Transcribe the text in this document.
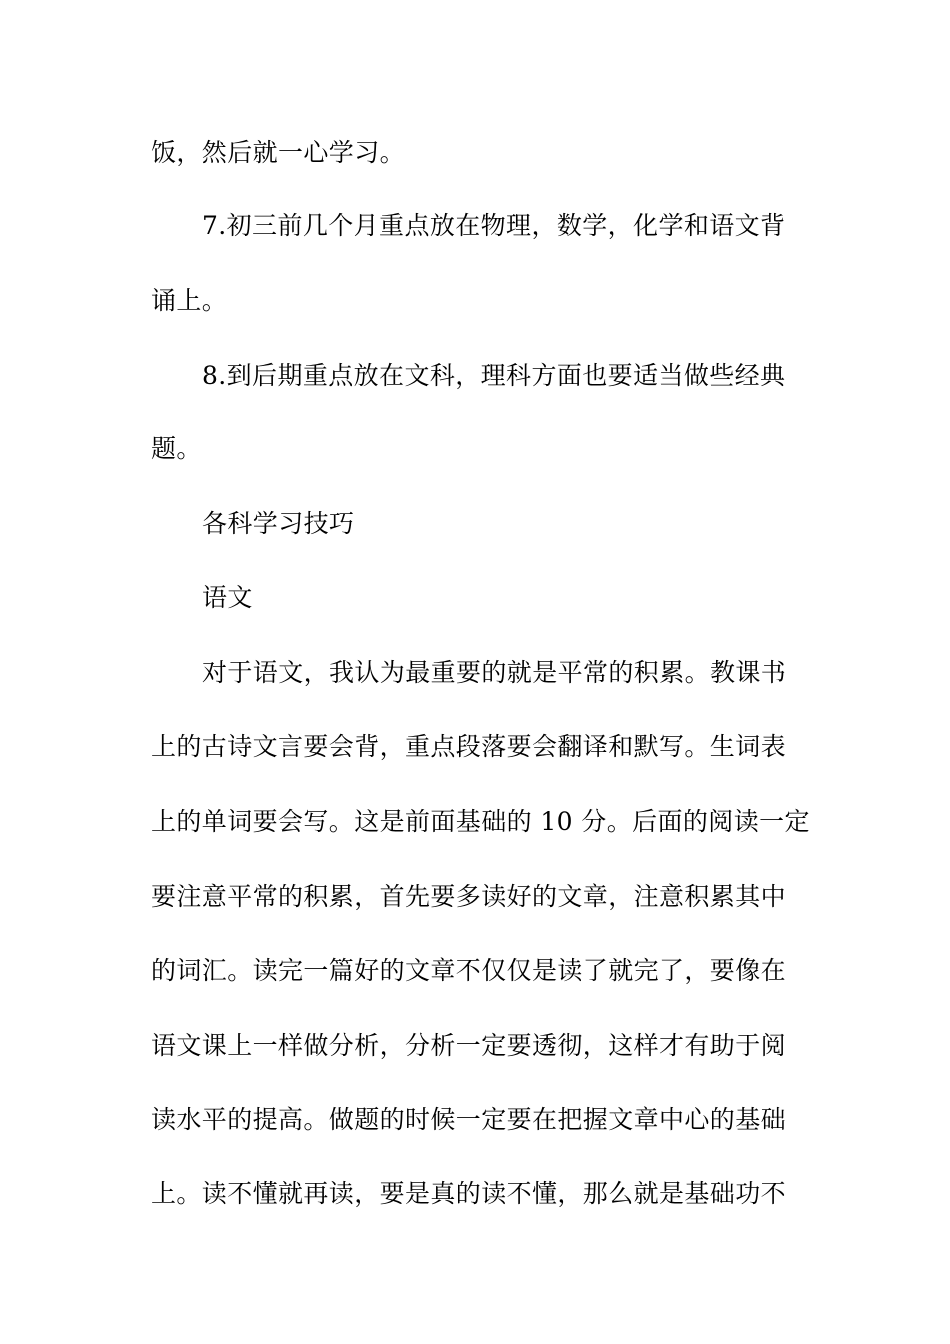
饭，然后就一心学习。
7.初三前几个月重点放在物理，数学，化学和语文背
诵上。
8.到后期重点放在文科，理科方面也要适当做些经典
题。
各科学习技巧
语文
对于语文，我认为最重要的就是平常的积累。教课书
上的古诗文言要会背，重点段落要会翻译和默写。生词表
上的单词要会写。这是前面基础的 10 分。后面的阅读一定
要注意平常的积累，首先要多读好的文章，注意积累其中
的词汇。读完一篇好的文章不仅仅是读了就完了，要像在
语文课上一样做分析，分析一定要透彻，这样才有助于阅
读水平的提高。做题的时候一定要在把握文章中心的基础
上。读不懂就再读，要是真的读不懂，那么就是基础功不
